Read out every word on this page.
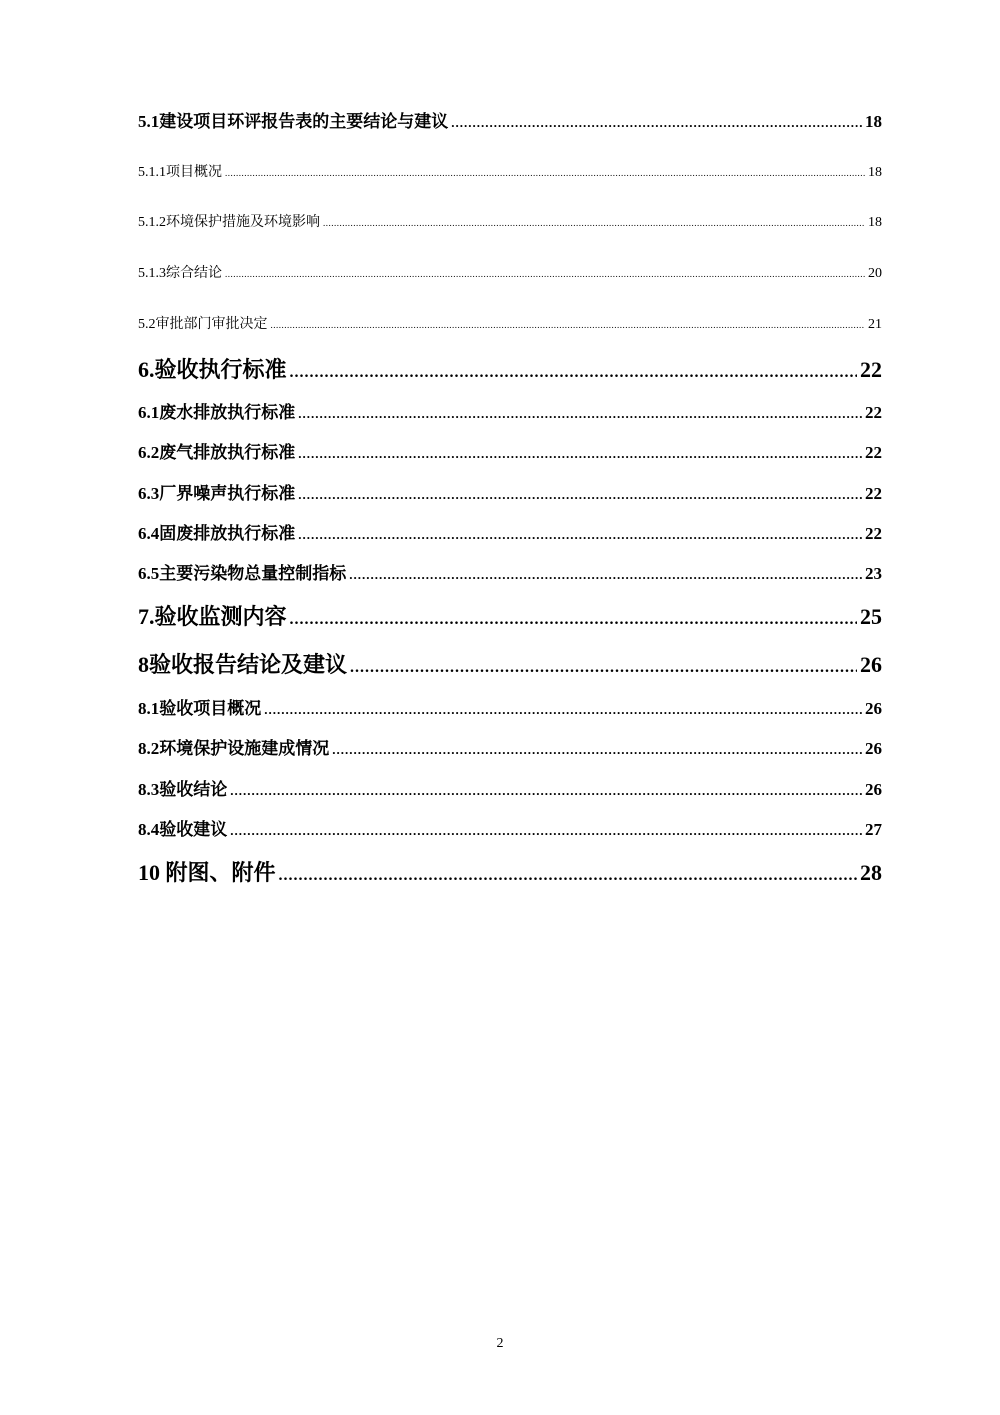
5.1建设项目环评报告表的主要结论与建议 .....	18
5.1.1项目概况 .....	18
5.1.2环境保护措施及环境影响 .....	18
5.1.3综合结论 .....	20
5.2审批部门审批决定 .....	21
6.验收执行标准 .....	22
6.1废水排放执行标准 .....	22
6.2废气排放执行标准 .....	22
6.3厂界噪声执行标准 .....	22
6.4固废排放执行标准 .....	22
6.5主要污染物总量控制指标 .....	23
7.验收监测内容 .....	25
8验收报告结论及建议 .....	26
8.1验收项目概况 .....	26
8.2环境保护设施建成情况 .....	26
8.3验收结论 .....	26
8.4验收建议 .....	27
10 附图、附件 .....	28
2
